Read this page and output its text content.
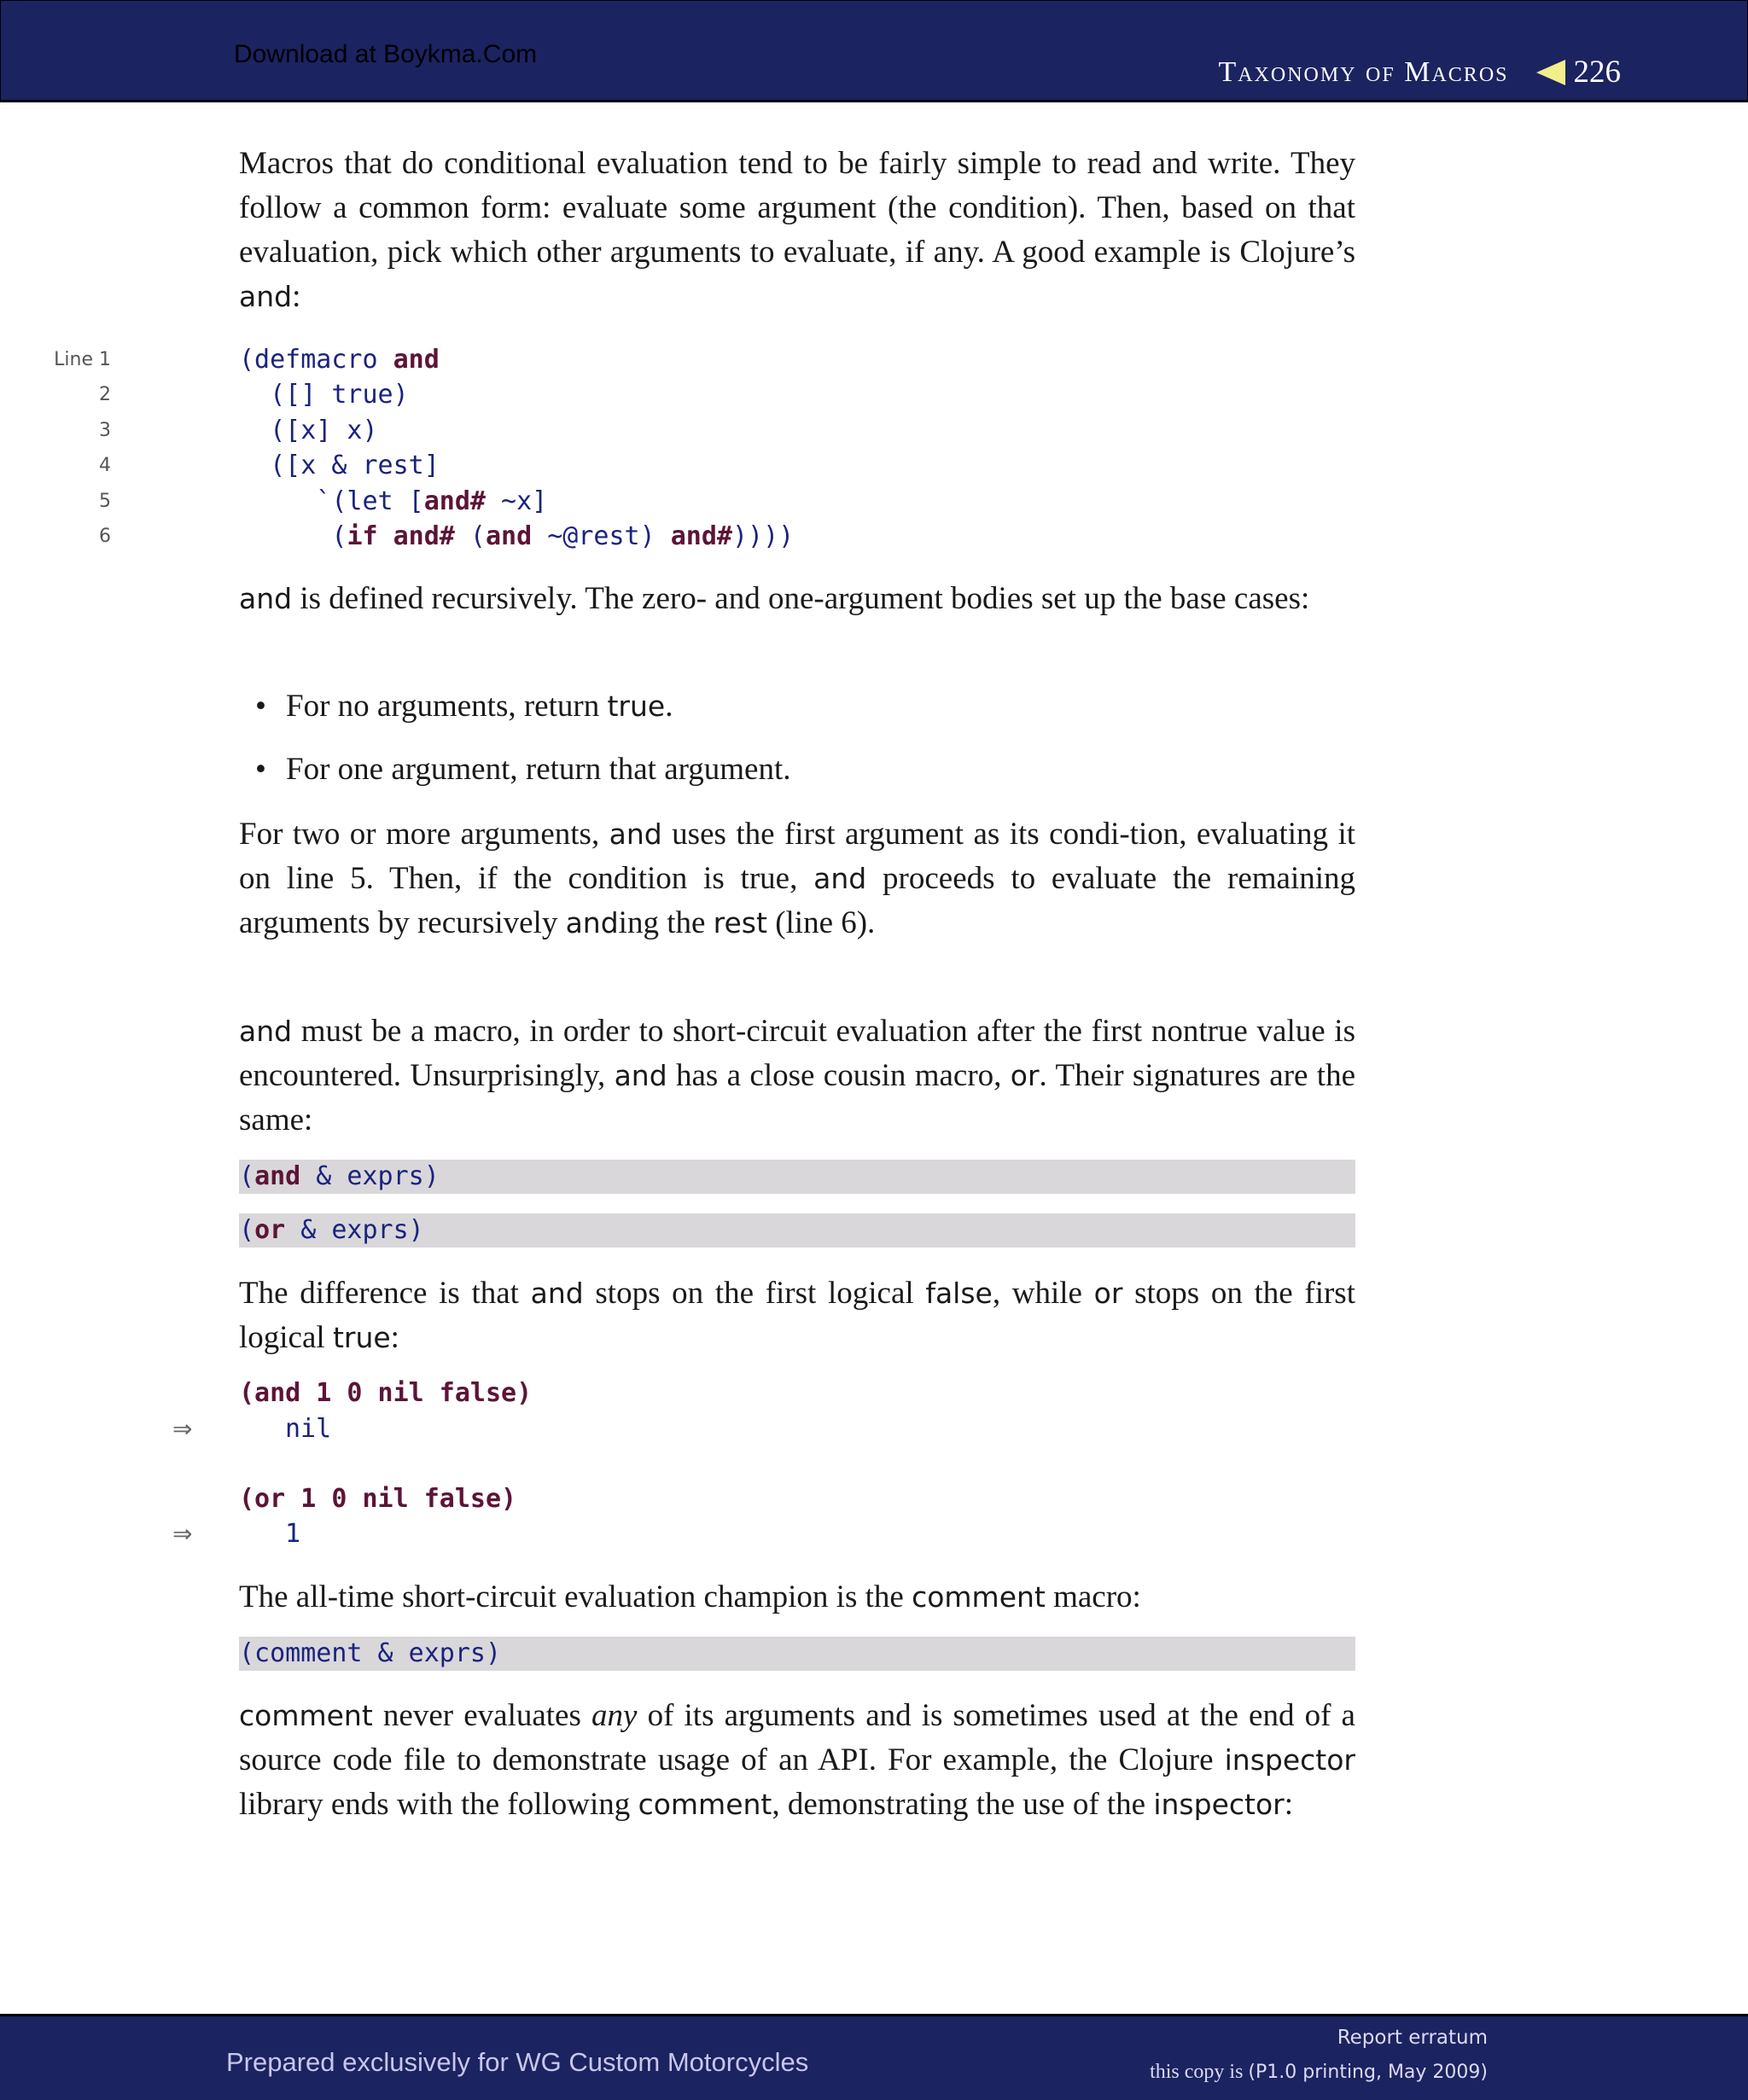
Download at Boykma.Com
Taxonomy of Macros 226
Macros that do conditional evaluation tend to be fairly simple to read and write. They follow a common form: evaluate some argument (the condition). Then, based on that evaluation, pick which other arguments to evaluate, if any. A good example is Clojure’s and:
Line 1	(defmacro and
2	([] true)
3	([x] x)
4	([x & rest]
5	`(let [and# ~x]
6	(if and# (and ~@rest) and#))))
and is defined recursively. The zero- and one-argument bodies set up the base cases:
• For no arguments, return true.
• For one argument, return that argument.
For two or more arguments, and uses the first argument as its condi-tion, evaluating it on line 5. Then, if the condition is true, and proceeds to evaluate the remaining arguments by recursively anding the rest (line 6).
and must be a macro, in order to short-circuit evaluation after the first nontrue value is encountered. Unsurprisingly, and has a close cousin macro, or. Their signatures are the same:
(and & exprs)
(or & exprs)
The difference is that and stops on the first logical false, while or stops on the first logical true:
(and 1 0 nil false)
⇒	nil
(or 1 0 nil false)
⇒	1
The all-time short-circuit evaluation champion is the comment macro:
(comment & exprs)
comment never evaluates any of its arguments and is sometimes used at the end of a source code file to demonstrate usage of an API. For example, the Clojure inspector library ends with the following comment, demonstrating the use of the inspector:
Prepared exclusively for WG Custom Motorcycles
Report erratum
this copy is (P1.0 printing, May 2009)
